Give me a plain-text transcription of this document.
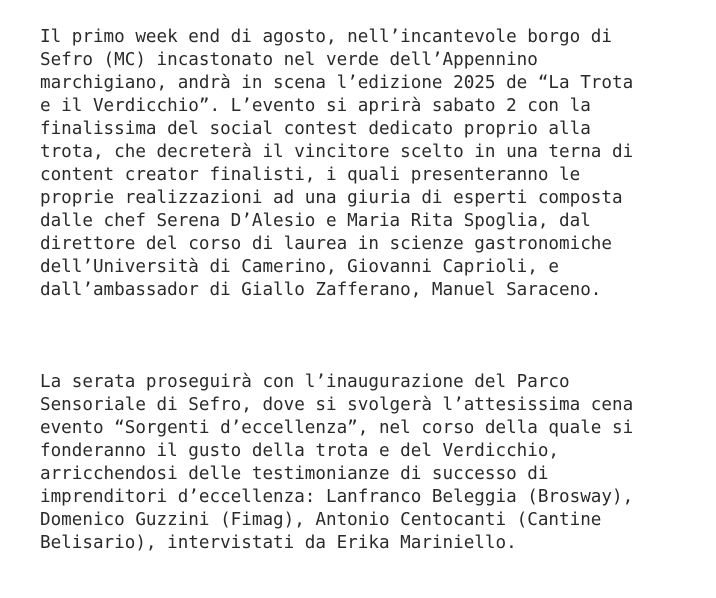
Il primo week end di agosto, nell’incantevole borgo di
Sefro (MC) incastonato nel verde dell’Appennino
marchigiano, andrà in scena l’edizione 2025 de “La Trota
e il Verdicchio”. L’evento si aprirà sabato 2 con la
finalissima del social contest dedicato proprio alla
trota, che decreterà il vincitore scelto in una terna di
content creator finalisti, i quali presenteranno le
proprie realizzazioni ad una giuria di esperti composta
dalle chef Serena D’Alesio e Maria Rita Spoglia, dal
direttore del corso di laurea in scienze gastronomiche
dell’Università di Camerino, Giovanni Caprioli, e
dall’ambassador di Giallo Zafferano, Manuel Saraceno.

La serata proseguirà con l’inaugurazione del Parco
Sensoriale di Sefro, dove si svolgerà l’attesissima cena
evento “Sorgenti d’eccellenza”, nel corso della quale si
fonderanno il gusto della trota e del Verdicchio,
arricchendosi delle testimonianze di successo di
imprenditori d’eccellenza: Lanfranco Beleggia (Brosway),
Domenico Guzzini (Fimag), Antonio Centocanti (Cantine
Belisario), intervistati da Erika Mariniello.
